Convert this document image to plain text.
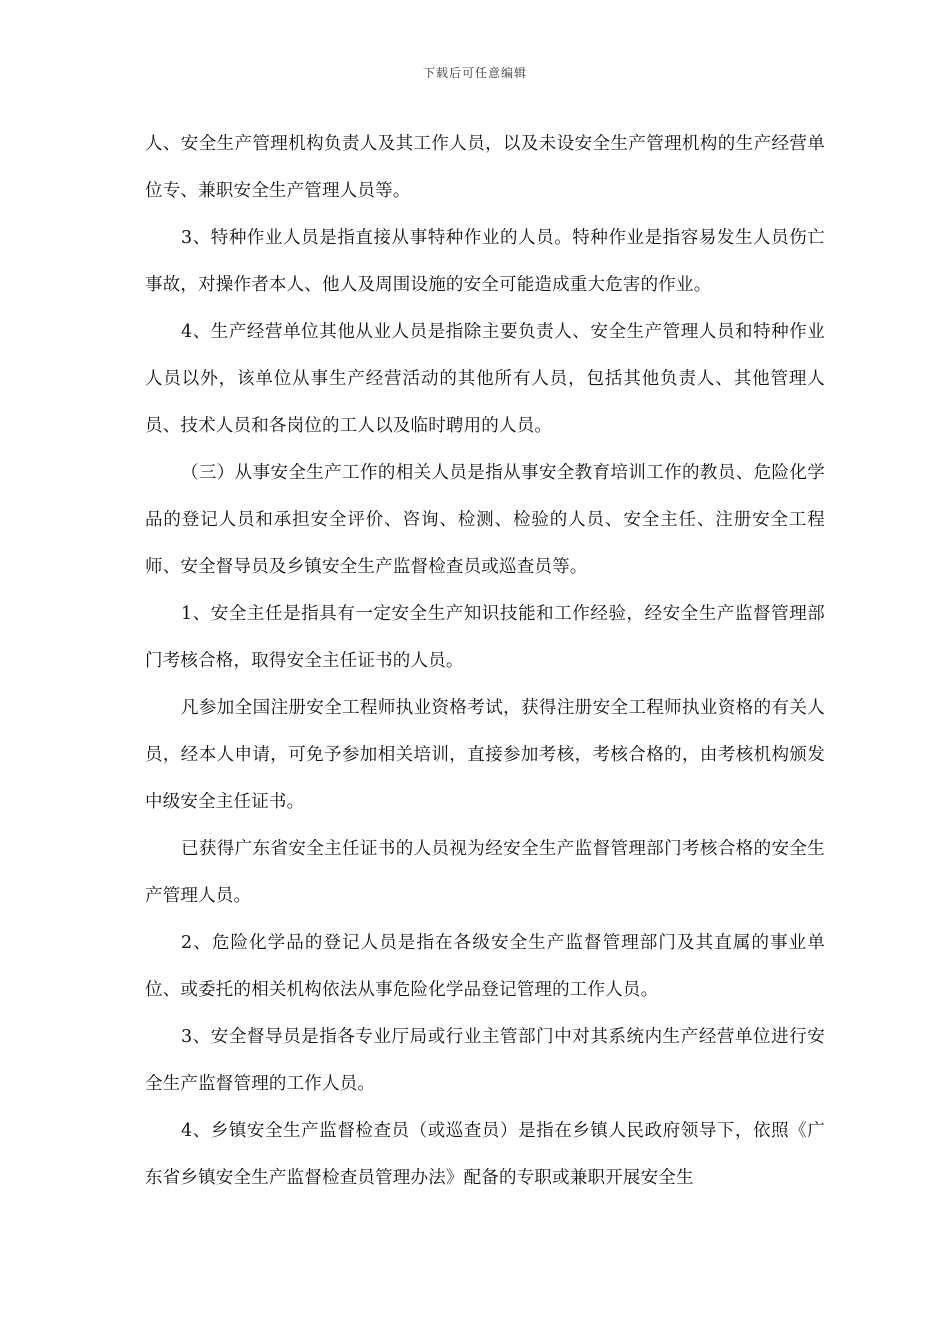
下载后可任意编辑

人、安全生产管理机构负责人及其工作人员，以及未设安全生产管理机构的生产经营单位专、兼职安全生产管理人员等。

3、特种作业人员是指直接从事特种作业的人员。特种作业是指容易发生人员伤亡事故，对操作者本人、他人及周围设施的安全可能造成重大危害的作业。

4、生产经营单位其他从业人员是指除主要负责人、安全生产管理人员和特种作业人员以外，该单位从事生产经营活动的其他所有人员，包括其他负责人、其他管理人员、技术人员和各岗位的工人以及临时聘用的人员。

（三）从事安全生产工作的相关人员是指从事安全教育培训工作的教员、危险化学品的登记人员和承担安全评价、咨询、检测、检验的人员、安全主任、注册安全工程师、安全督导员及乡镇安全生产监督检查员或巡查员等。

1、安全主任是指具有一定安全生产知识技能和工作经验，经安全生产监督管理部门考核合格，取得安全主任证书的人员。

凡参加全国注册安全工程师执业资格考试，获得注册安全工程师执业资格的有关人员，经本人申请，可免予参加相关培训，直接参加考核，考核合格的，由考核机构颁发中级安全主任证书。

已获得广东省安全主任证书的人员视为经安全生产监督管理部门考核合格的安全生产管理人员。

2、危险化学品的登记人员是指在各级安全生产监督管理部门及其直属的事业单位、或委托的相关机构依法从事危险化学品登记管理的工作人员。

3、安全督导员是指各专业厅局或行业主管部门中对其系统内生产经营单位进行安全生产监督管理的工作人员。

4、乡镇安全生产监督检查员（或巡查员）是指在乡镇人民政府领导下，依照《广东省乡镇安全生产监督检查员管理办法》配备的专职或兼职开展安全生
